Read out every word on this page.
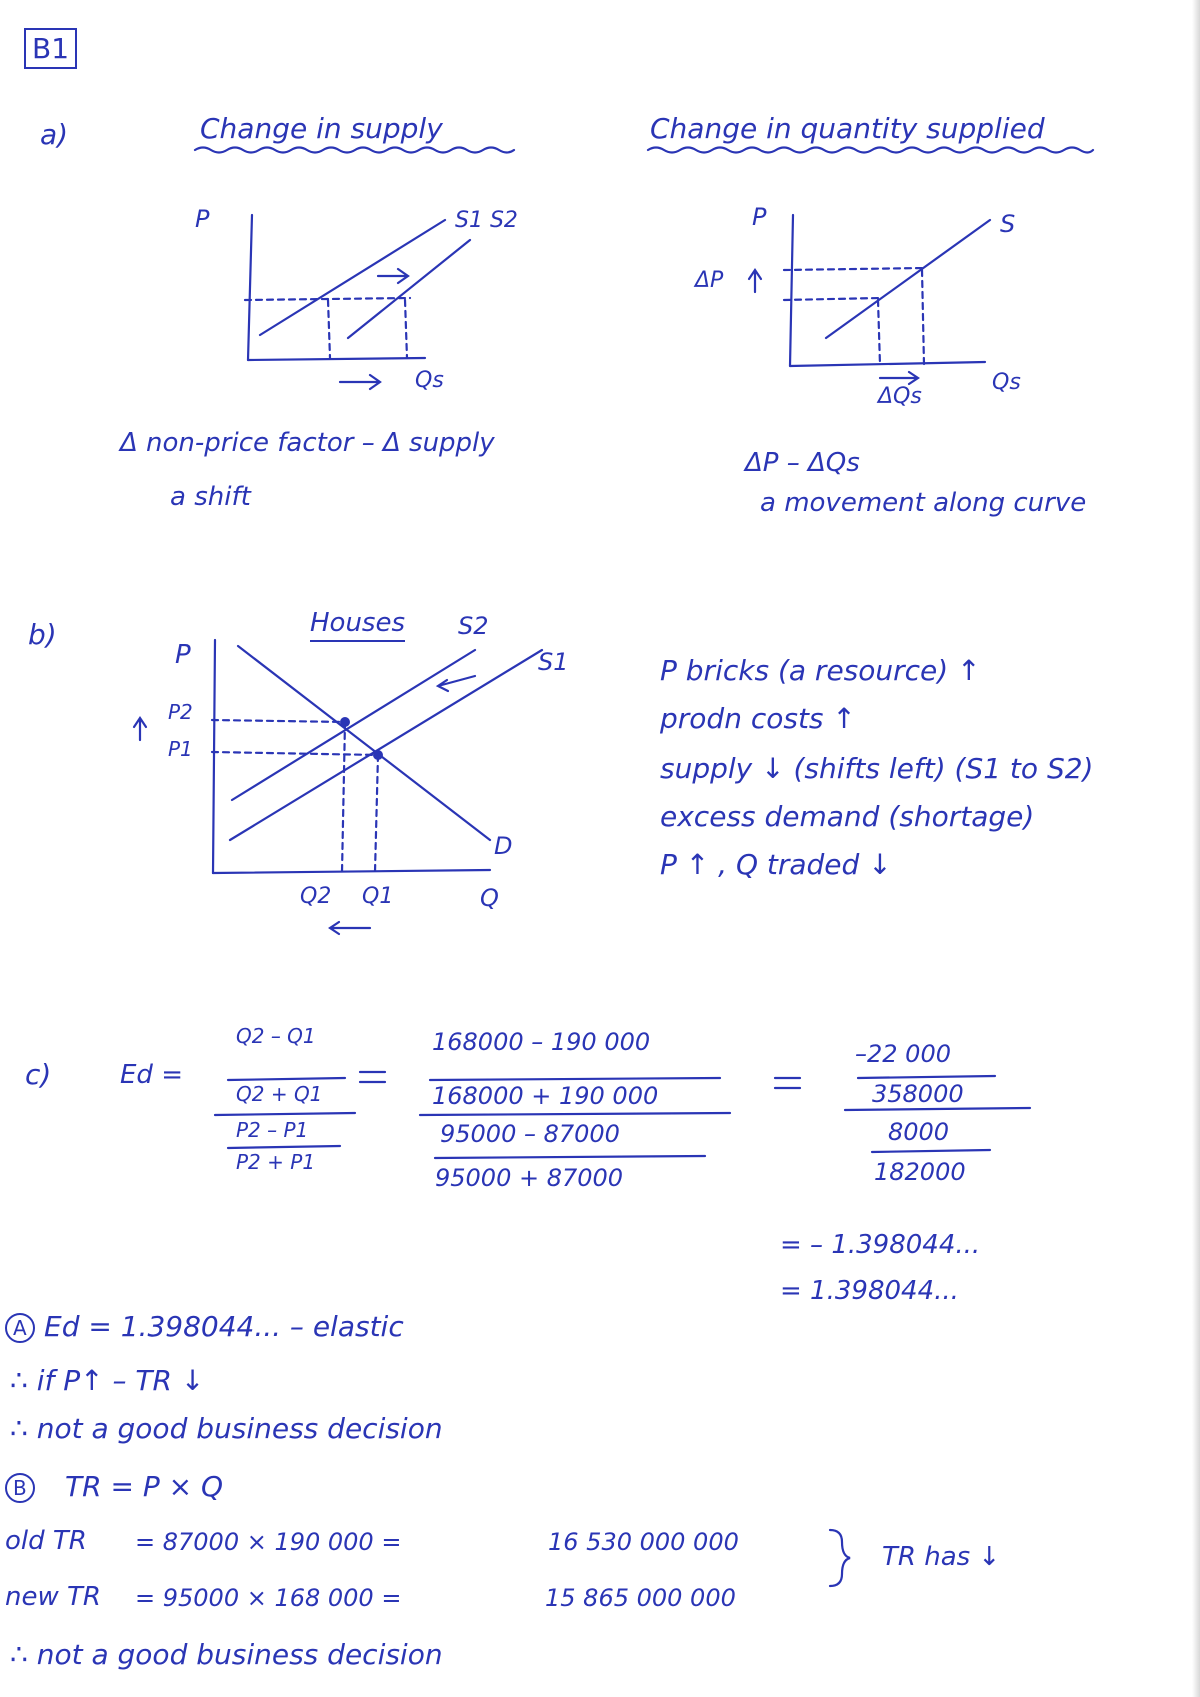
B1
a)	Change in supply	Change in quantity supplied
P	S1 S2
Qs
P	S
ΔP
ΔQs
Qs
Δ non-price factor – Δ supply
a shift
ΔP – ΔQs
a movement along curve
b)	Houses
P
P2
P1
S2
S1
D
Q2 Q1	Q
P bricks (a resource) ↑
prodn costs ↑
supply ↓ (shifts left) (S1 to S2)
excess demand (shortage)
P ↑ , Q traded ↓
c)	Ed =
Q2 – Q1
Q2 + Q1
P2 – P1
P2 + P1
168000 – 190 000
168000 + 190 000
95000 – 87000
95000 + 87000
–22 000
358000
8000
182000
= – 1.398044...
= 1.398044...
A Ed = 1.398044... – elastic
∴ if P↑ – TR ↓
∴ not a good business decision
B TR = P × Q
old TR = 87000 × 190 000 =	16 530 000 000
new TR = 95000 × 168 000 =	15 865 000 000
TR has ↓
∴ not a good business decision
